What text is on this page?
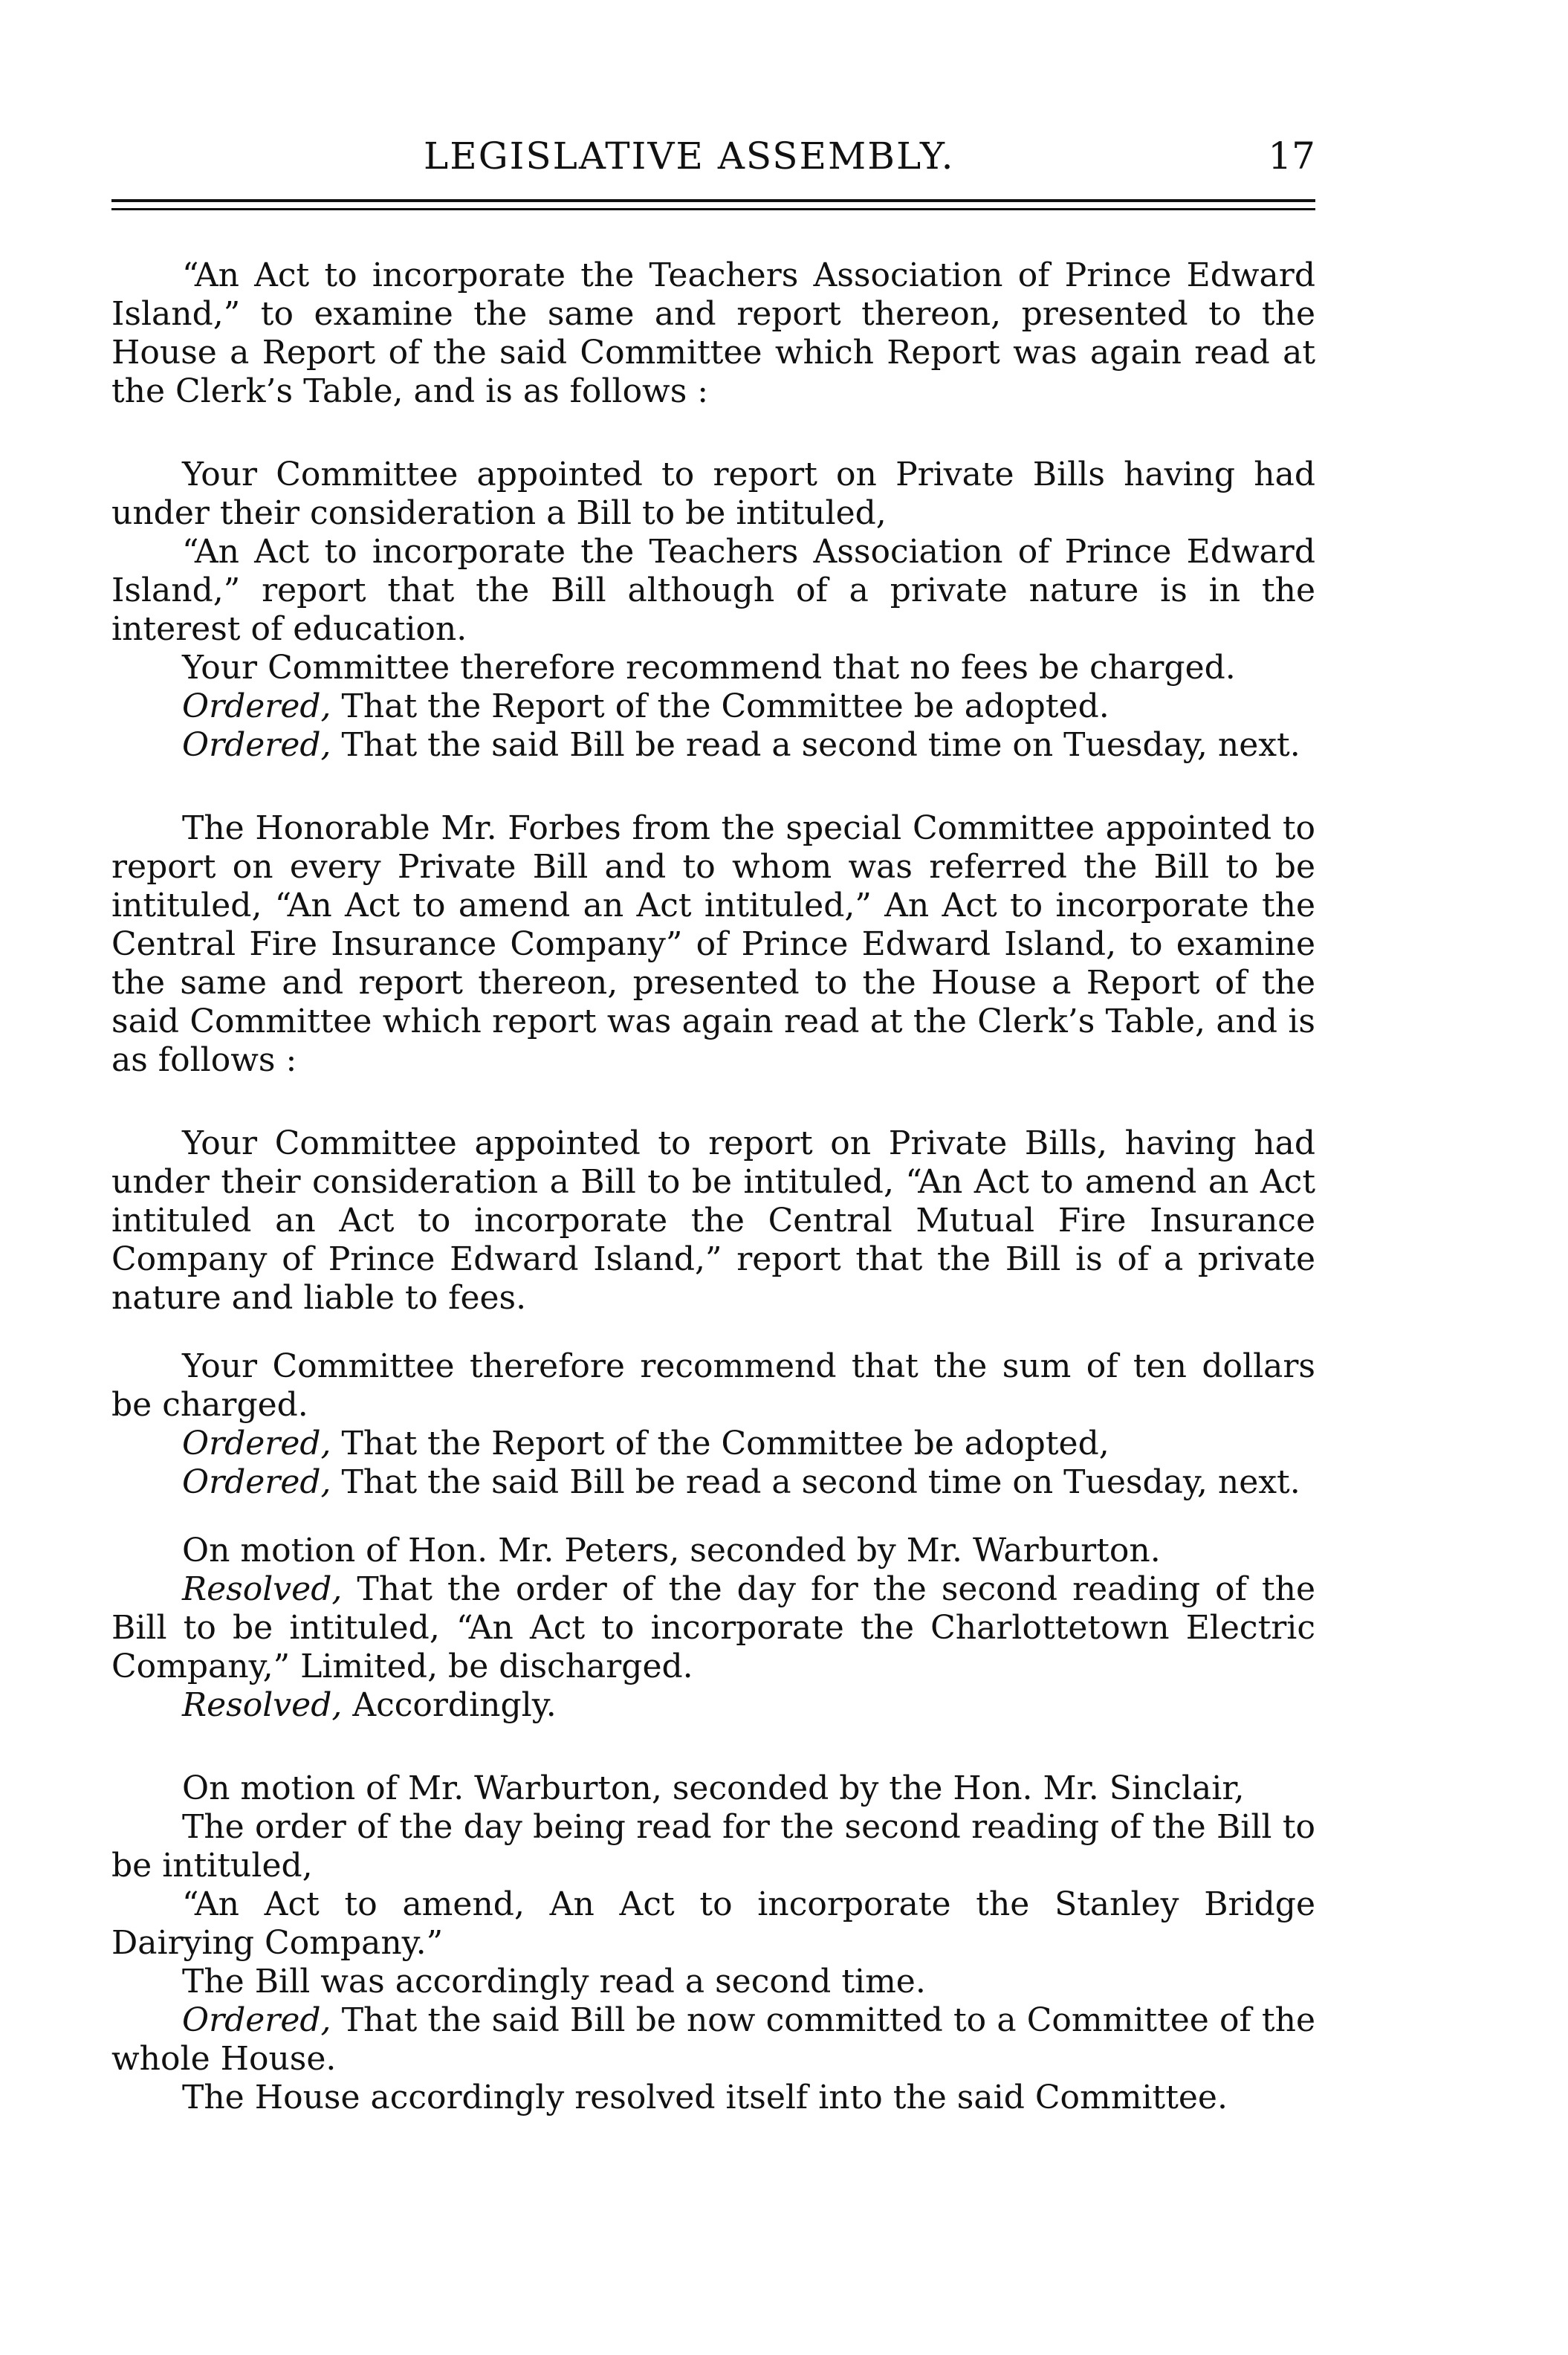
LEGISLATIVE ASSEMBLY.	17

“An Act to incorporate the Teachers Association of Prince Edward Island,” to examine the same and report thereon, presented to the House a Report of the said Committee which Report was again read at the Clerk’s Table, and is as follows :

Your Committee appointed to report on Private Bills having had under their consideration a Bill to be intituled,

“An Act to incorporate the Teachers Association of Prince Edward Island,” report that the Bill although of a private nature is in the interest of education.

Your Committee therefore recommend that no fees be charged.

Ordered, That the Report of the Committee be adopted.

Ordered, That the said Bill be read a second time on Tuesday, next.

The Honorable Mr. Forbes from the special Committee appointed to report on every Private Bill and to whom was referred the Bill to be intituled, “An Act to amend an Act intituled,” An Act to incorporate the Central Fire Insurance Company” of Prince Edward Island, to examine the same and report thereon, presented to the House a Report of the said Committee which report was again read at the Clerk’s Table, and is as follows :

Your Committee appointed to report on Private Bills, having had under their consideration a Bill to be intituled, “An Act to amend an Act intituled an Act to incorporate the Central Mutual Fire Insurance Company of Prince Edward Island,” report that the Bill is of a private nature and liable to fees.

Your Committee therefore recommend that the sum of ten dollars be charged.

Ordered, That the Report of the Committee be adopted,

Ordered, That the said Bill be read a second time on Tuesday, next.

On motion of Hon. Mr. Peters, seconded by Mr. Warburton.

Resolved, That the order of the day for the second reading of the Bill to be intituled, “An Act to incorporate the Charlottetown Electric Company,” Limited, be discharged.

Resolved, Accordingly.

On motion of Mr. Warburton, seconded by the Hon. Mr. Sinclair,

The order of the day being read for the second reading of the Bill to be intituled,

“An Act to amend, An Act to incorporate the Stanley Bridge Dairying Company.”

The Bill was accordingly read a second time.

Ordered, That the said Bill be now committed to a Committee of the whole House.

The House accordingly resolved itself into the said Committee.
